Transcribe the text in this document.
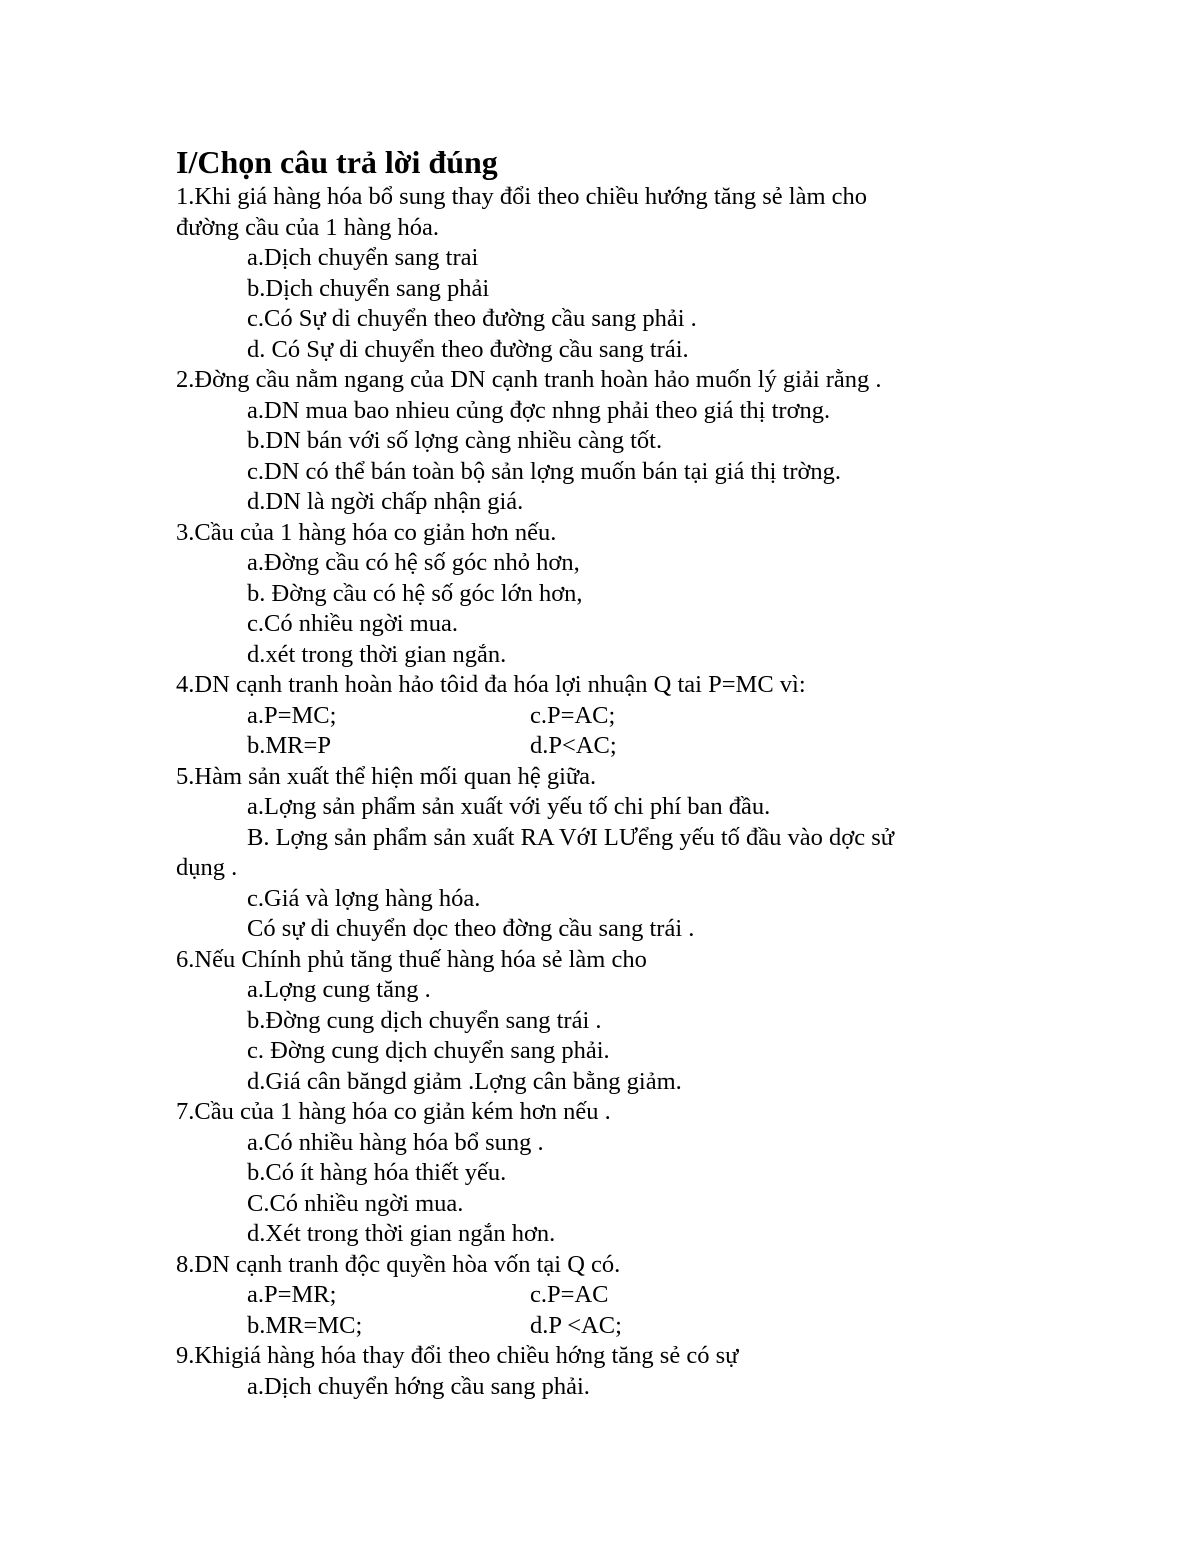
I/Chọn câu trả lời đúng
1.Khi giá hàng hóa bổ sung thay đổi theo chiều hướng tăng sẻ làm cho
đường cầu của 1 hàng hóa.
a.Dịch chuyển sang trai
b.Dịch chuyển sang phải
c.Có Sự di chuyển theo đường cầu sang phải .
d. Có Sự di chuyển theo đường cầu sang trái.
2.Đờng cầu nằm ngang của DN cạnh tranh hoàn hảo muốn lý giải rằng .
a.DN mua bao nhieu củng đợc nhng phải theo giá thị trơng.
b.DN bán với số lợng càng nhiều càng tốt.
c.DN có thể bán toàn bộ sản lợng muốn bán tại giá thị trờng.
d.DN là ngời chấp nhận giá.
3.Cầu của 1 hàng hóa co giản hơn nếu.
a.Đờng cầu có hệ số góc nhỏ hơn,
b. Đờng cầu có hệ số góc lớn hơn,
c.Có nhiều ngời mua.
d.xét trong thời gian ngắn.
4.DN cạnh tranh hoàn hảo tôid đa hóa lợi nhuận Q tai P=MC vì:
a.P=MC;	c.P=AC;
b.MR=P	d.P<AC;
5.Hàm sản xuất thể hiện mối quan hệ giữa.
a.Lợng sản phẩm sản xuất với yếu tố chi phí ban đầu.
B. Lợng sản phẩm sản xuất RA VớI LƯểng yếu tố đầu vào dợc sử
dụng .
c.Giá và lợng hàng hóa.
Có sự di chuyển dọc theo đờng cầu sang trái .
6.Nếu Chính phủ tăng thuế hàng hóa sẻ làm cho
a.Lợng cung tăng .
b.Đờng cung dịch chuyển sang trái .
c. Đờng cung dịch chuyển sang phải.
d.Giá cân băngd giảm .Lợng cân bằng giảm.
7.Cầu của 1 hàng hóa co giản kém hơn nếu .
a.Có nhiều hàng hóa bổ sung .
b.Có ít hàng hóa thiết yếu.
C.Có nhiều ngời mua.
d.Xét trong thời gian ngắn hơn.
8.DN cạnh tranh độc quyền hòa vốn tại Q có.
a.P=MR;	c.P=AC
b.MR=MC;	d.P <AC;
9.Khigiá hàng hóa thay đổi theo chiều hớng tăng sẻ có sự
a.Dịch chuyển hớng cầu sang phải.
